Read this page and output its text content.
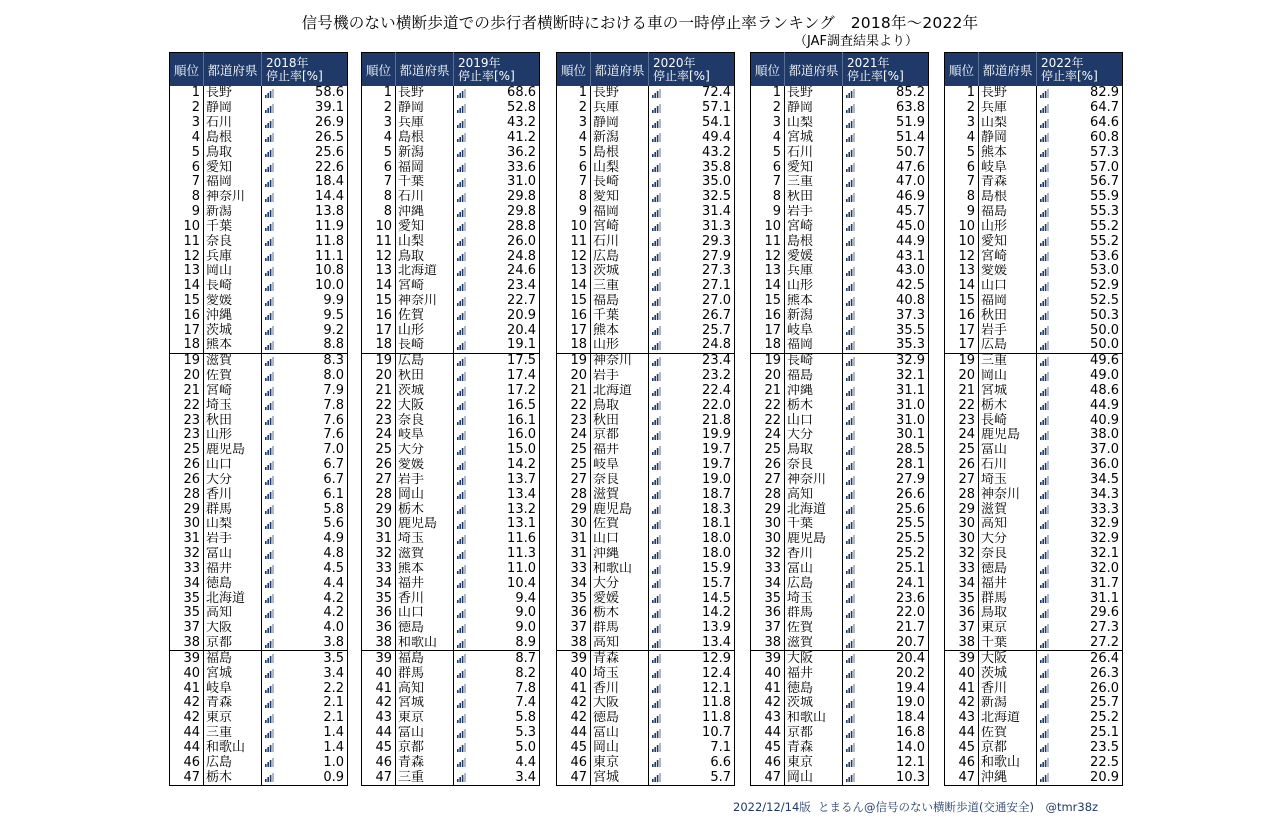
信号機のない横断歩道での歩行者横断時における車の一時停止率ランキング　2018年～2022年
（JAF調査結果より）
順位	都道府県	2018年
停止率[%]
1	長野	58.6
2	静岡	39.1
3	石川	26.9
4	島根	26.5
5	鳥取	25.6
6	愛知	22.6
7	福岡	18.4
8	神奈川	14.4
9	新潟	13.8
10	千葉	11.9
11	奈良	11.8
12	兵庫	11.1
13	岡山	10.8
14	長崎	10.0
15	愛媛	9.9
16	沖縄	9.5
17	茨城	9.2
18	熊本	8.8
19	滋賀	8.3
20	佐賀	8.0
21	宮崎	7.9
22	埼玉	7.8
23	秋田	7.6
23	山形	7.6
25	鹿児島	7.0
26	山口	6.7
26	大分	6.7
28	香川	6.1
29	群馬	5.8
30	山梨	5.6
31	岩手	4.9
32	富山	4.8
33	福井	4.5
34	徳島	4.4
35	北海道	4.2
35	高知	4.2
37	大阪	4.0
38	京都	3.8
39	福島	3.5
40	宮城	3.4
41	岐阜	2.2
42	青森	2.1
42	東京	2.1
44	三重	1.4
44	和歌山	1.4
46	広島	1.0
47	栃木	0.9
順位	都道府県	2019年
停止率[%]
1	長野	68.6
2	静岡	52.8
3	兵庫	43.2
4	島根	41.2
5	新潟	36.2
6	福岡	33.6
7	千葉	31.0
8	石川	29.8
8	沖縄	29.8
10	愛知	28.8
11	山梨	26.0
12	鳥取	24.8
13	北海道	24.6
14	宮崎	23.4
15	神奈川	22.7
16	佐賀	20.9
17	山形	20.4
18	長崎	19.1
19	広島	17.5
20	秋田	17.4
21	茨城	17.2
22	大阪	16.5
23	奈良	16.1
24	岐阜	16.0
25	大分	15.0
26	愛媛	14.2
27	岩手	13.7
28	岡山	13.4
29	栃木	13.2
30	鹿児島	13.1
31	埼玉	11.6
32	滋賀	11.3
33	熊本	11.0
34	福井	10.4
35	香川	9.4
36	山口	9.0
36	徳島	9.0
38	和歌山	8.9
39	福島	8.7
40	群馬	8.2
41	高知	7.8
42	宮城	7.4
43	東京	5.8
44	富山	5.3
45	京都	5.0
46	青森	4.4
47	三重	3.4
順位	都道府県	2020年
停止率[%]
1	長野	72.4
2	兵庫	57.1
3	静岡	54.1
4	新潟	49.4
5	島根	43.2
6	山梨	35.8
7	長崎	35.0
8	愛知	32.5
9	福岡	31.4
10	宮崎	31.3
11	石川	29.3
12	広島	27.9
13	茨城	27.3
14	三重	27.1
15	福島	27.0
16	千葉	26.7
17	熊本	25.7
18	山形	24.8
19	神奈川	23.4
20	岩手	23.2
21	北海道	22.4
22	鳥取	22.0
23	秋田	21.8
24	京都	19.9
25	福井	19.7
25	岐阜	19.7
27	奈良	19.0
28	滋賀	18.7
29	鹿児島	18.3
30	佐賀	18.1
31	山口	18.0
31	沖縄	18.0
33	和歌山	15.9
34	大分	15.7
35	愛媛	14.5
36	栃木	14.2
37	群馬	13.9
38	高知	13.4
39	青森	12.9
40	埼玉	12.4
41	香川	12.1
42	大阪	11.8
42	徳島	11.8
44	富山	10.7
45	岡山	7.1
46	東京	6.6
47	宮城	5.7
順位	都道府県	2021年
停止率[%]
1	長野	85.2
2	静岡	63.8
3	山梨	51.9
4	宮城	51.4
5	石川	50.7
6	愛知	47.6
7	三重	47.0
8	秋田	46.9
9	岩手	45.7
10	宮崎	45.0
11	島根	44.9
12	愛媛	43.1
13	兵庫	43.0
14	山形	42.5
15	熊本	40.8
16	新潟	37.3
17	岐阜	35.5
18	福岡	35.3
19	長崎	32.9
20	福島	32.1
21	沖縄	31.1
22	栃木	31.0
22	山口	31.0
24	大分	30.1
25	鳥取	28.5
26	奈良	28.1
27	神奈川	27.9
28	高知	26.6
29	北海道	25.6
30	千葉	25.5
30	鹿児島	25.5
32	香川	25.2
33	富山	25.1
34	広島	24.1
35	埼玉	23.6
36	群馬	22.0
37	佐賀	21.7
38	滋賀	20.7
39	大阪	20.4
40	福井	20.2
41	徳島	19.4
42	茨城	19.0
43	和歌山	18.4
44	京都	16.8
45	青森	14.0
46	東京	12.1
47	岡山	10.3
順位	都道府県	2022年
停止率[%]
1	長野	82.9
2	兵庫	64.7
3	山梨	64.6
4	静岡	60.8
5	熊本	57.3
6	岐阜	57.0
7	青森	56.7
8	島根	55.9
9	福島	55.3
10	山形	55.2
10	愛知	55.2
12	宮崎	53.6
13	愛媛	53.0
14	山口	52.9
15	福岡	52.5
16	秋田	50.3
17	岩手	50.0
17	広島	50.0
19	三重	49.6
20	岡山	49.0
21	宮城	48.6
22	栃木	44.9
23	長崎	40.9
24	鹿児島	38.0
25	富山	37.0
26	石川	36.0
27	埼玉	34.5
28	神奈川	34.3
29	滋賀	33.3
30	高知	32.9
30	大分	32.9
32	奈良	32.1
33	徳島	32.0
34	福井	31.7
35	群馬	31.1
36	鳥取	29.6
37	東京	27.3
38	千葉	27.2
39	大阪	26.4
40	茨城	26.3
41	香川	26.0
42	新潟	25.7
43	北海道	25.2
44	佐賀	25.1
45	京都	23.5
46	和歌山	22.5
47	沖縄	20.9
2022/12/14版 とまるん@信号のない横断歩道(交通安全)　@tmr38z
